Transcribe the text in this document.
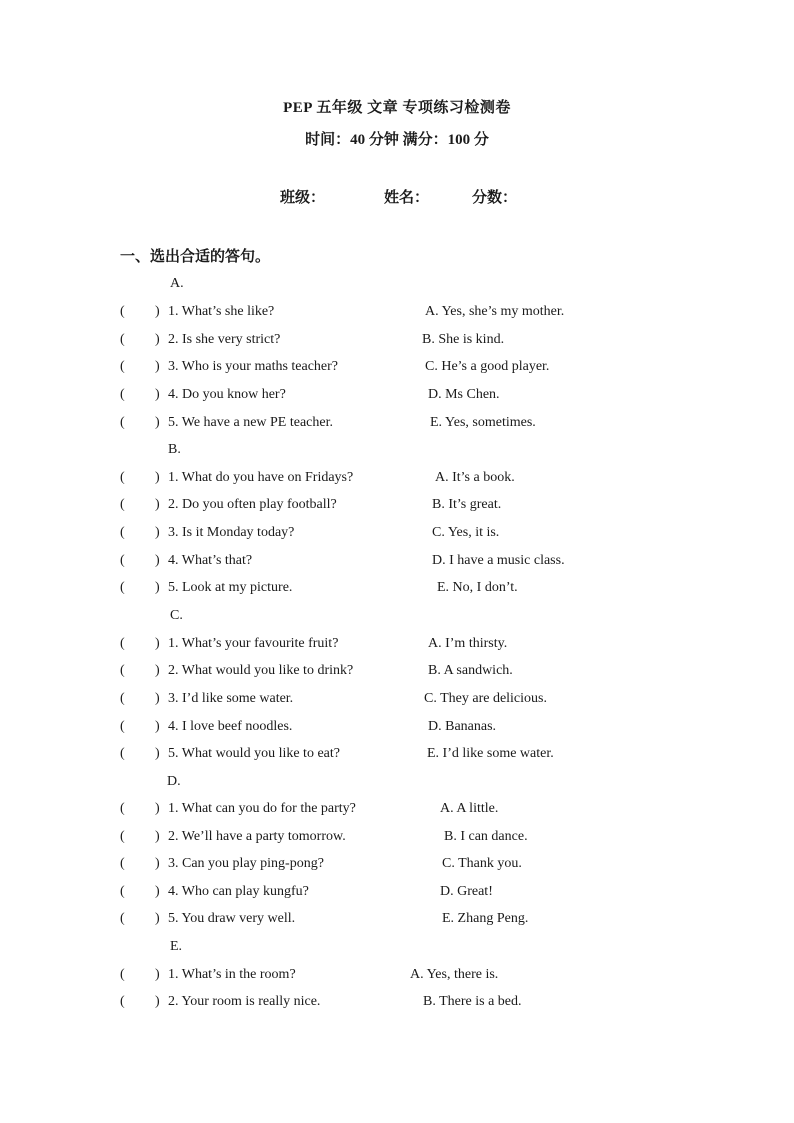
PEP 五年级 文章 专项练习检测卷
时间：40 分钟 满分：100 分
班级：	姓名：	分数：
一、选出合适的答句。
A.
( ) 1. What’s she like?	A. Yes, she’s my mother.
( ) 2. Is she very strict?	B. She is kind.
( ) 3. Who is your maths teacher?	C. He’s a good player.
( ) 4. Do you know her?	D. Ms Chen.
( ) 5. We have a new PE teacher.	E. Yes, sometimes.
B.
( ) 1. What do you have on Fridays?	A. It’s a book.
( ) 2. Do you often play football?	B. It’s great.
( ) 3. Is it Monday today?	C. Yes, it is.
( ) 4. What’s that?	D. I have a music class.
( ) 5. Look at my picture.	E. No, I don’t.
C.
( ) 1. What’s your favourite fruit?	A. I’m thirsty.
( ) 2. What would you like to drink?	B. A sandwich.
( ) 3. I’d like some water.	C. They are delicious.
( ) 4. I love beef noodles.	D. Bananas.
( ) 5. What would you like to eat?	E. I’d like some water.
D.
( ) 1. What can you do for the party?	A. A little.
( ) 2. We’ll have a party tomorrow.	B. I can dance.
( ) 3. Can you play ping-pong?	C. Thank you.
( ) 4. Who can play kungfu?	D. Great!
( ) 5. You draw very well.	E. Zhang Peng.
E.
( ) 1. What’s in the room?	A. Yes, there is.
( ) 2. Your room is really nice.	B. There is a bed.
